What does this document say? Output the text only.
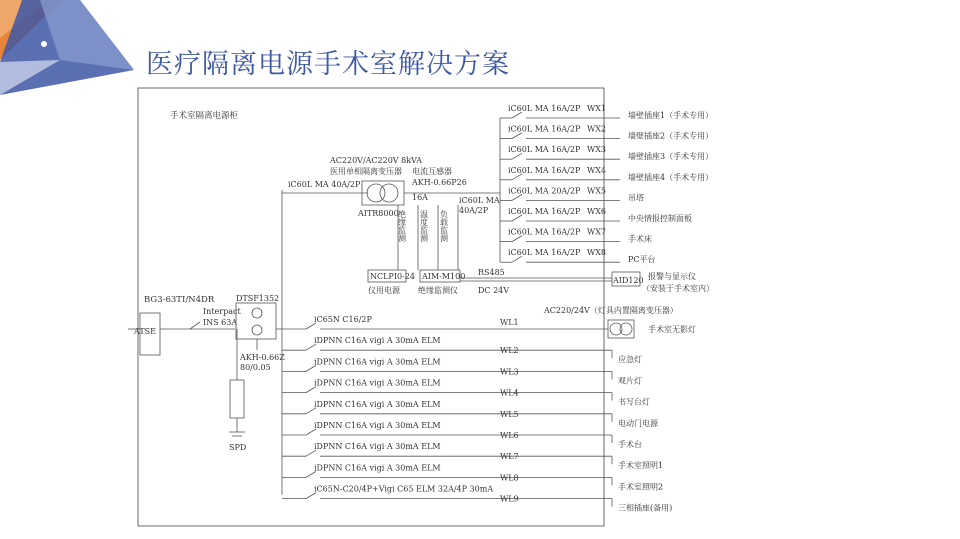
医疗隔离电源手术室解决方案
手术室隔离电源柜
BG3-63TI/N4DR
ATSE
Interpact
INS 63A
DTSF1352
AKH-0.66Z
80/0.05
SPD
iC60L MA 40A/2P
AC220V/AC220V 8kVA
医用单相隔离变压器
AITR8000
电流互感器
AKH-0.66P26
16A	iC60L MA
40A/2P
绝缘监测 温度监测 负载监测
NCLPI0-24 AIM-M100
仪用电源 绝缘监测仪
RS485
DC 24V
AID120 报警与显示仪
（安装于手术室内）
iC60L MA 16A/2P WX1
墙壁插座1（手术专用）
iC60L MA 16A/2P WX2
墙壁插座2（手术专用）
iC60L MA 16A/2P WX3
墙壁插座3（手术专用）
iC60L MA 16A/2P WX4
墙壁插座4（手术专用）
iC60L MA 20A/2P WX5
吊塔
iC60L MA 16A/2P WX6
中央情报控制面板
iC60L MA 16A/2P WX7
手术床
iC60L MA 16A/2P WX8
PC平台
AC220/24V（灯具内置隔离变压器）
手术室无影灯
iC65N C16/2P	WL1
iDPNN C16A vigi A 30mA ELM
WL2
应急灯
iDPNN C16A vigi A 30mA ELM
WL3
观片灯
iDPNN C16A vigi A 30mA ELM
WL4
书写台灯
iDPNN C16A vigi A 30mA ELM
WL5
电动门电源
iDPNN C16A vigi A 30mA ELM
WL6
手术台
iDPNN C16A vigi A 30mA ELM
WL7
手术室照明1
iDPNN C16A vigi A 30mA ELM
WL8
手术室照明2
iC65N-C20/4P+Vigi C65 ELM 32A/4P 30mA
WL9
三相插座(备用)
